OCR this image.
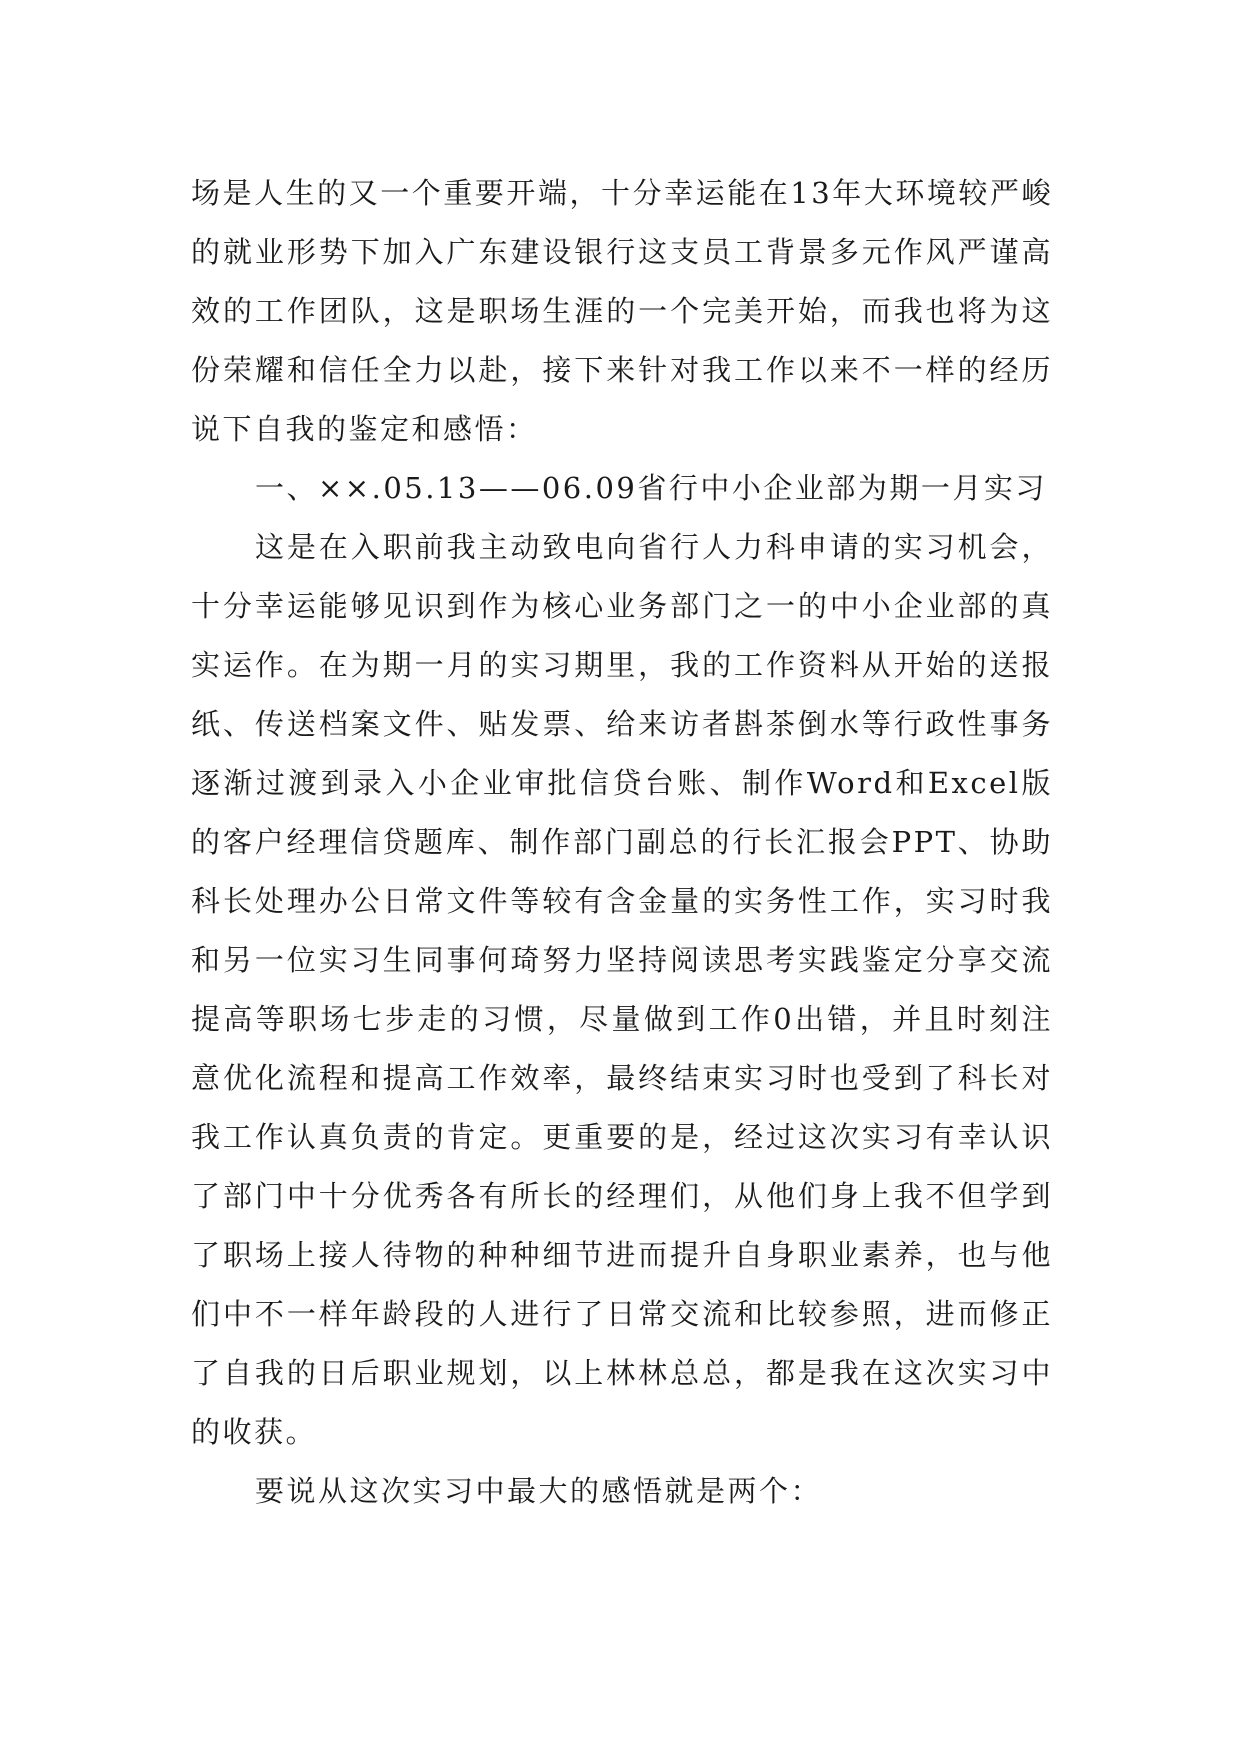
场是人生的又一个重要开端，十分幸运能在13年大环境较严峻的就业形势下加入广东建设银行这支员工背景多元作风严谨高效的工作团队，这是职场生涯的一个完美开始，而我也将为这份荣耀和信任全力以赴，接下来针对我工作以来不一样的经历说下自我的鉴定和感悟：

一、××.05.13——06.09省行中小企业部为期一月实习

这是在入职前我主动致电向省行人力科申请的实习机会，十分幸运能够见识到作为核心业务部门之一的中小企业部的真实运作。在为期一月的实习期里，我的工作资料从开始的送报纸、传送档案文件、贴发票、给来访者斟茶倒水等行政性事务逐渐过渡到录入小企业审批信贷台账、制作Word和Excel版的客户经理信贷题库、制作部门副总的行长汇报会PPT、协助科长处理办公日常文件等较有含金量的实务性工作，实习时我和另一位实习生同事何琦努力坚持阅读思考实践鉴定分享交流提高等职场七步走的习惯，尽量做到工作0出错，并且时刻注意优化流程和提高工作效率，最终结束实习时也受到了科长对我工作认真负责的肯定。更重要的是，经过这次实习有幸认识了部门中十分优秀各有所长的经理们，从他们身上我不但学到了职场上接人待物的种种细节进而提升自身职业素养，也与他们中不一样年龄段的人进行了日常交流和比较参照，进而修正了自我的日后职业规划，以上林林总总，都是我在这次实习中的收获。

要说从这次实习中最大的感悟就是两个：
